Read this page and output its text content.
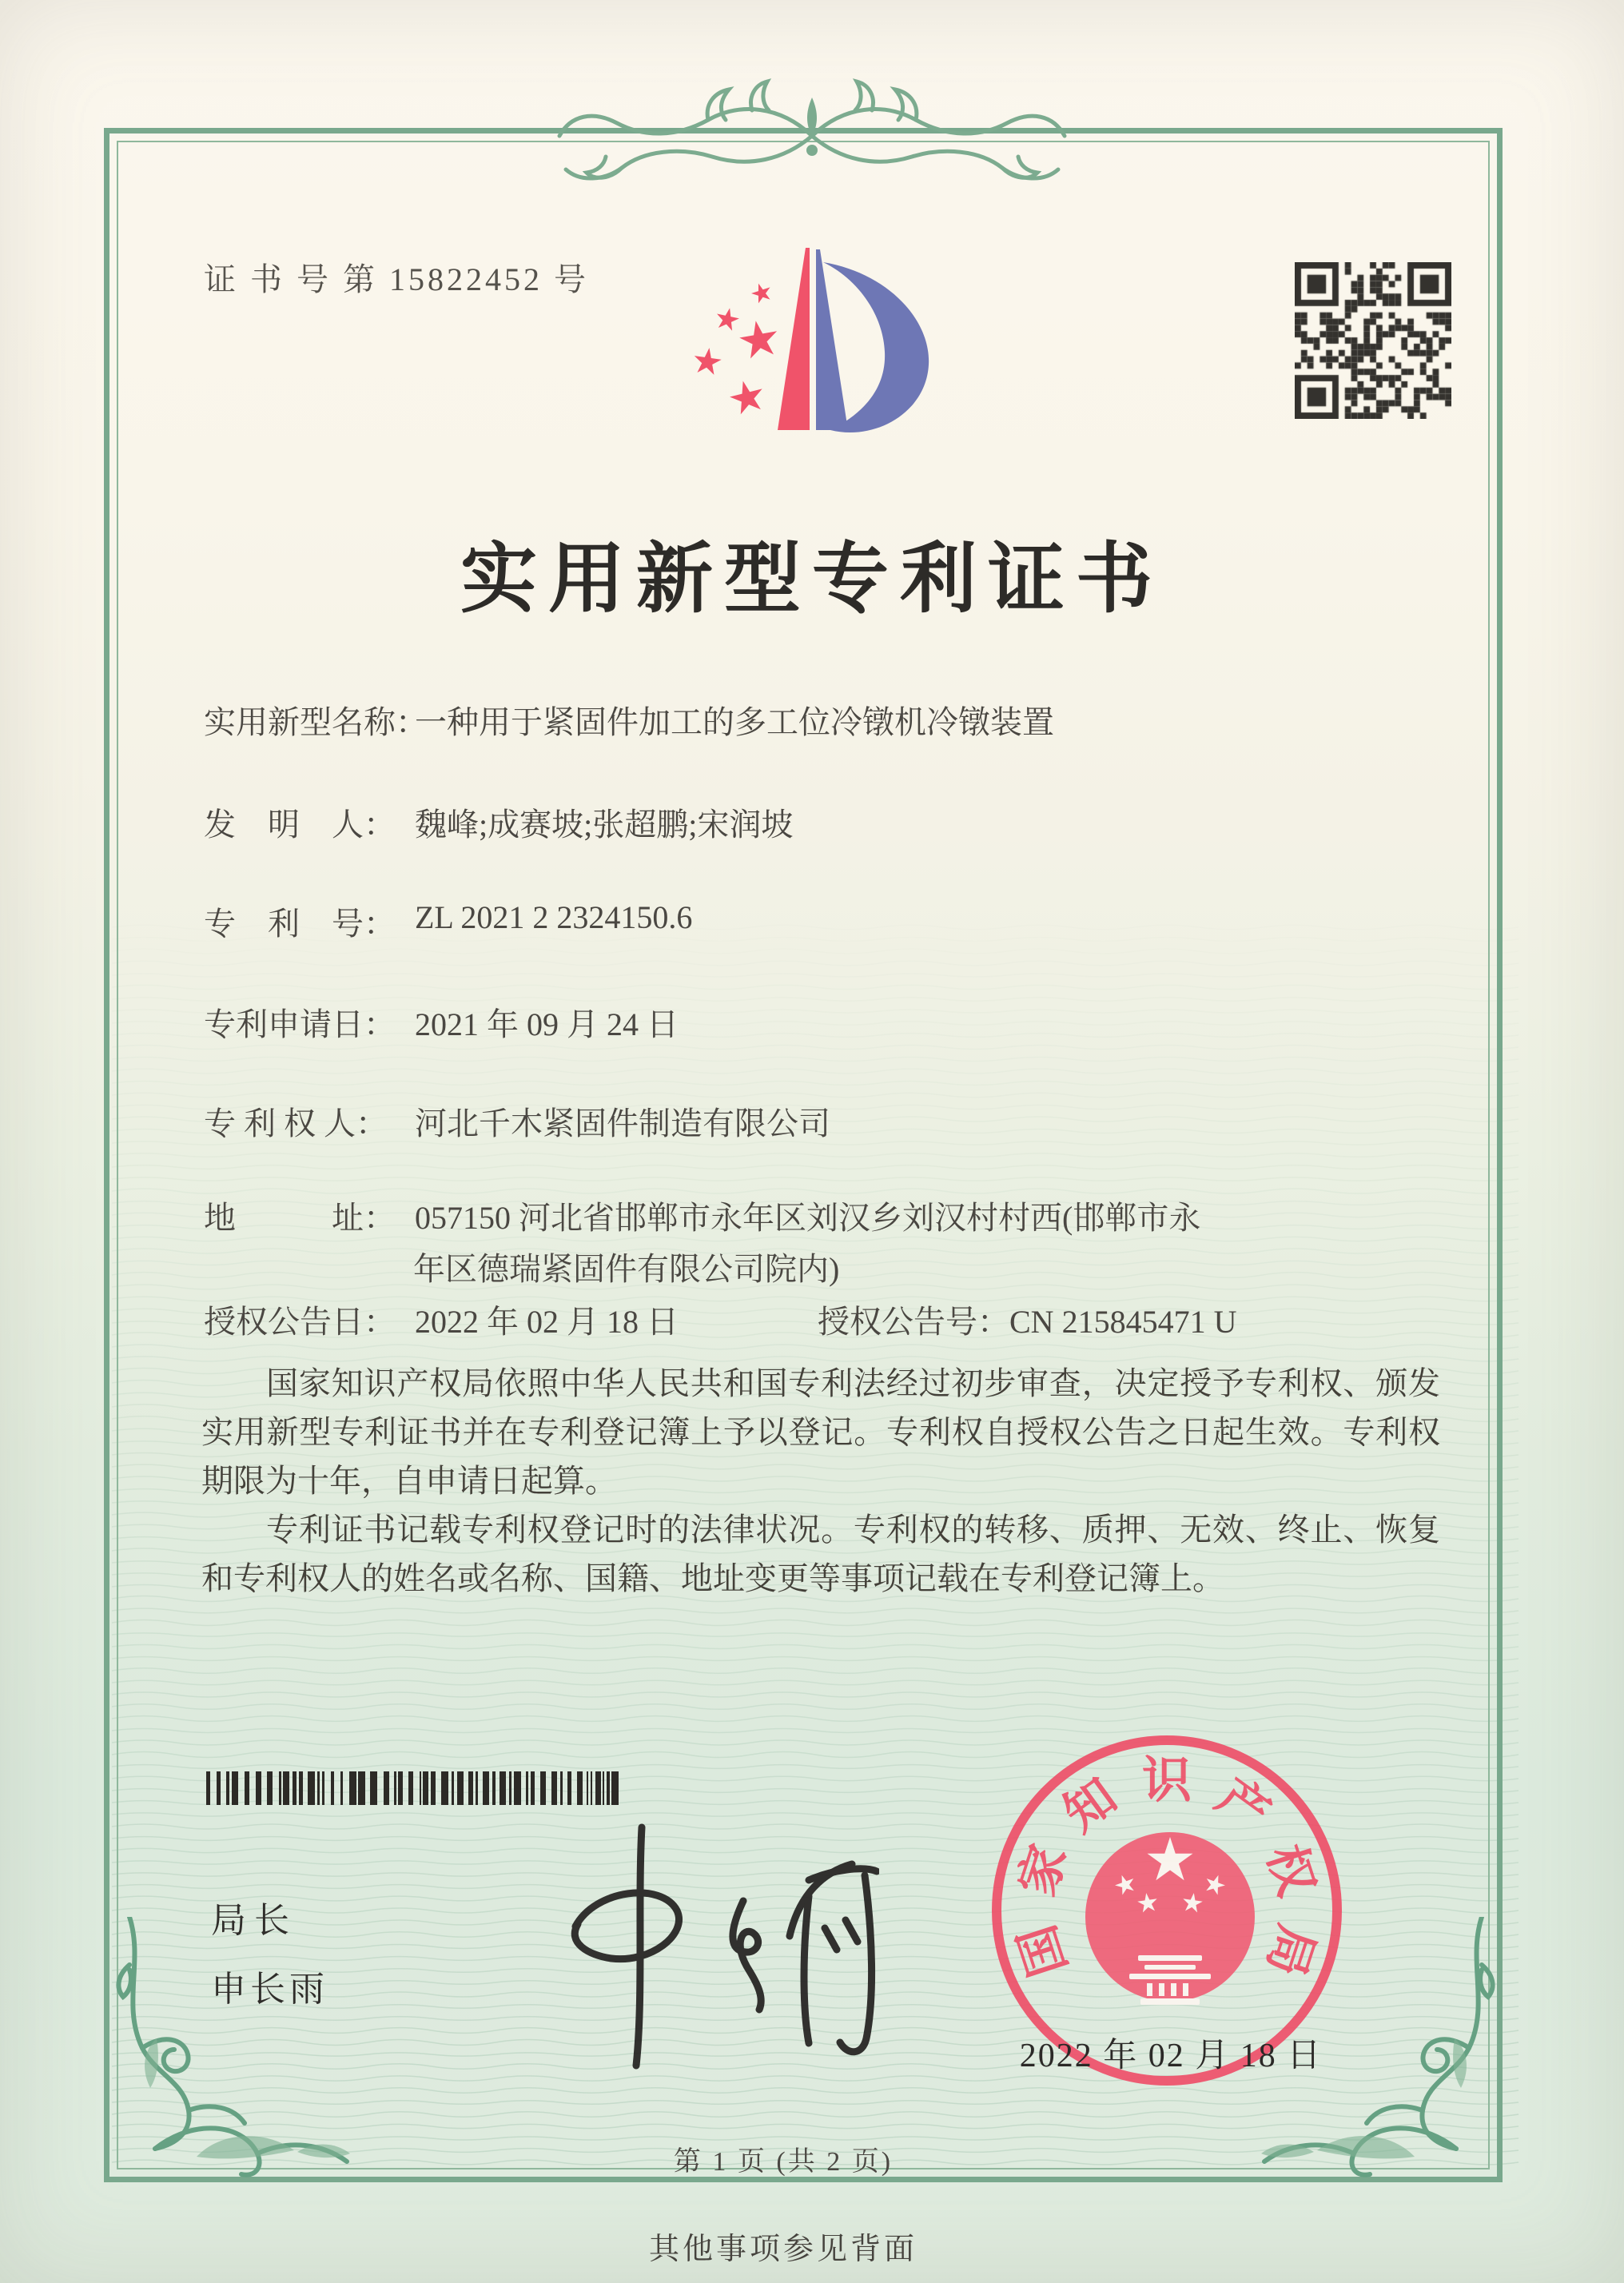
证 书 号 第 15822452 号
实用新型专利证书
实用新型名称：一种用于紧固件加工的多工位冷镦机冷镦装置
发　明　人： 魏峰;成赛坡;张超鹏;宋润坡
专　利　号： ZL 2021 2 2324150.6
专利申请日： 2021 年 09 月 24 日
专 利 权 人： 河北千木紧固件制造有限公司
地　　　址： 057150 河北省邯郸市永年区刘汉乡刘汉村村西(邯郸市永
年区德瑞紧固件有限公司院内)
授权公告日： 2022 年 02 月 18 日	授权公告号：CN 215845471 U

国家知识产权局依照中华人民共和国专利法经过初步审查，决定授予专利权、颁发实用新型专利证书并在专利登记簿上予以登记。专利权自授权公告之日起生效。专利权期限为十年，自申请日起算。

专利证书记载专利权登记时的法律状况。专利权的转移、质押、无效、终止、恢复和专利权人的姓名或名称、国籍、地址变更等事项记载在专利登记簿上。

局长
申长雨
国
家
知 识 产
权
局
2022 年 02 月 18 日
第 1 页 (共 2 页)
其他事项参见背面
